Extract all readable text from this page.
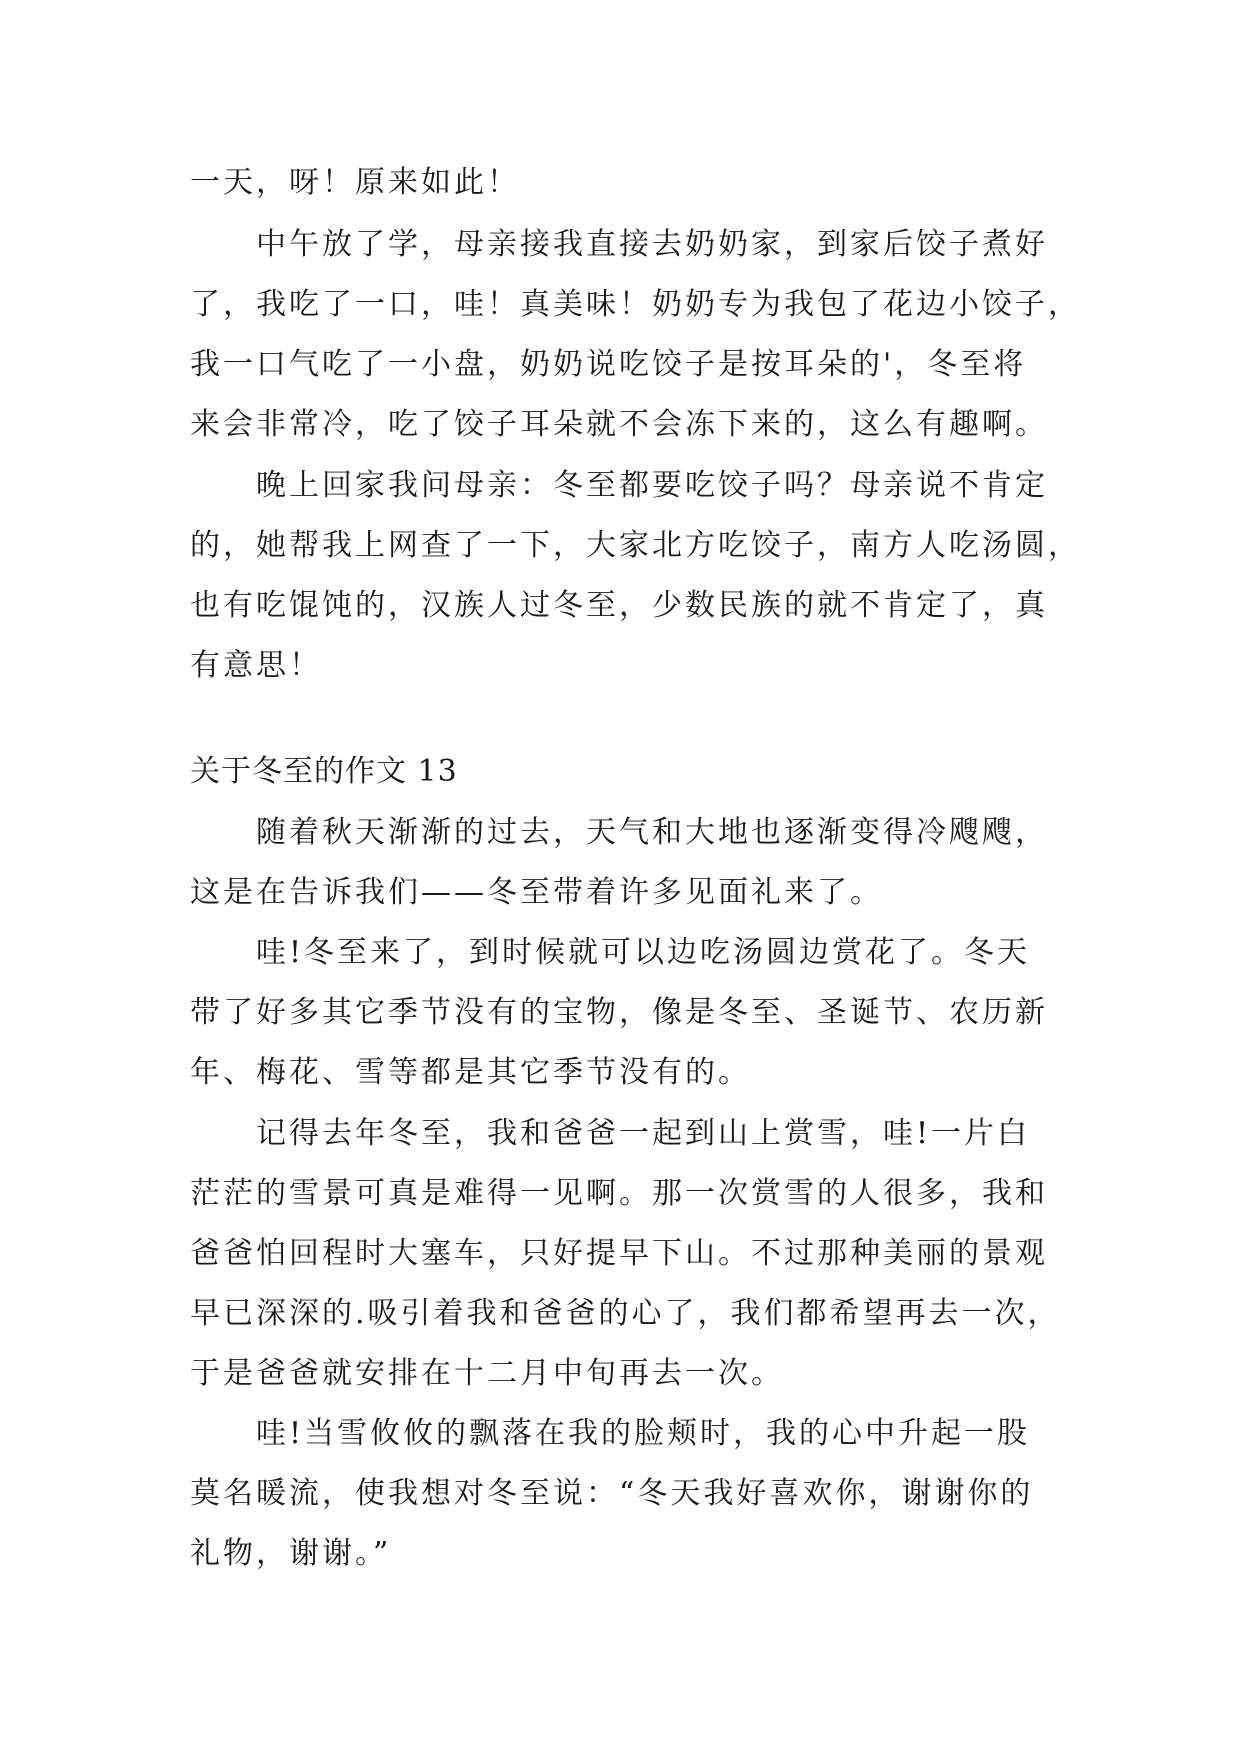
一天，呀！原来如此！
中午放了学，母亲接我直接去奶奶家，到家后饺子煮好
了，我吃了一口，哇！真美味！奶奶专为我包了花边小饺子，
我一口气吃了一小盘，奶奶说吃饺子是按耳朵的'，冬至将
来会非常冷，吃了饺子耳朵就不会冻下来的，这么有趣啊。
晚上回家我问母亲：冬至都要吃饺子吗？母亲说不肯定
的，她帮我上网查了一下，大家北方吃饺子，南方人吃汤圆，
也有吃馄饨的，汉族人过冬至，少数民族的就不肯定了，真
有意思！
关于冬至的作文 13
随着秋天渐渐的过去，天气和大地也逐渐变得冷飕飕，
这是在告诉我们——冬至带着许多见面礼来了。
哇!冬至来了，到时候就可以边吃汤圆边赏花了。冬天
带了好多其它季节没有的宝物，像是冬至、圣诞节、农历新
年、梅花、雪等都是其它季节没有的。
记得去年冬至，我和爸爸一起到山上赏雪，哇!一片白
茫茫的雪景可真是难得一见啊。那一次赏雪的人很多，我和
爸爸怕回程时大塞车，只好提早下山。不过那种美丽的景观
早已深深的.吸引着我和爸爸的心了，我们都希望再去一次，
于是爸爸就安排在十二月中旬再去一次。
哇!当雪攸攸的飘落在我的脸颊时，我的心中升起一股
莫名暖流，使我想对冬至说：“冬天我好喜欢你，谢谢你的
礼物，谢谢。”
